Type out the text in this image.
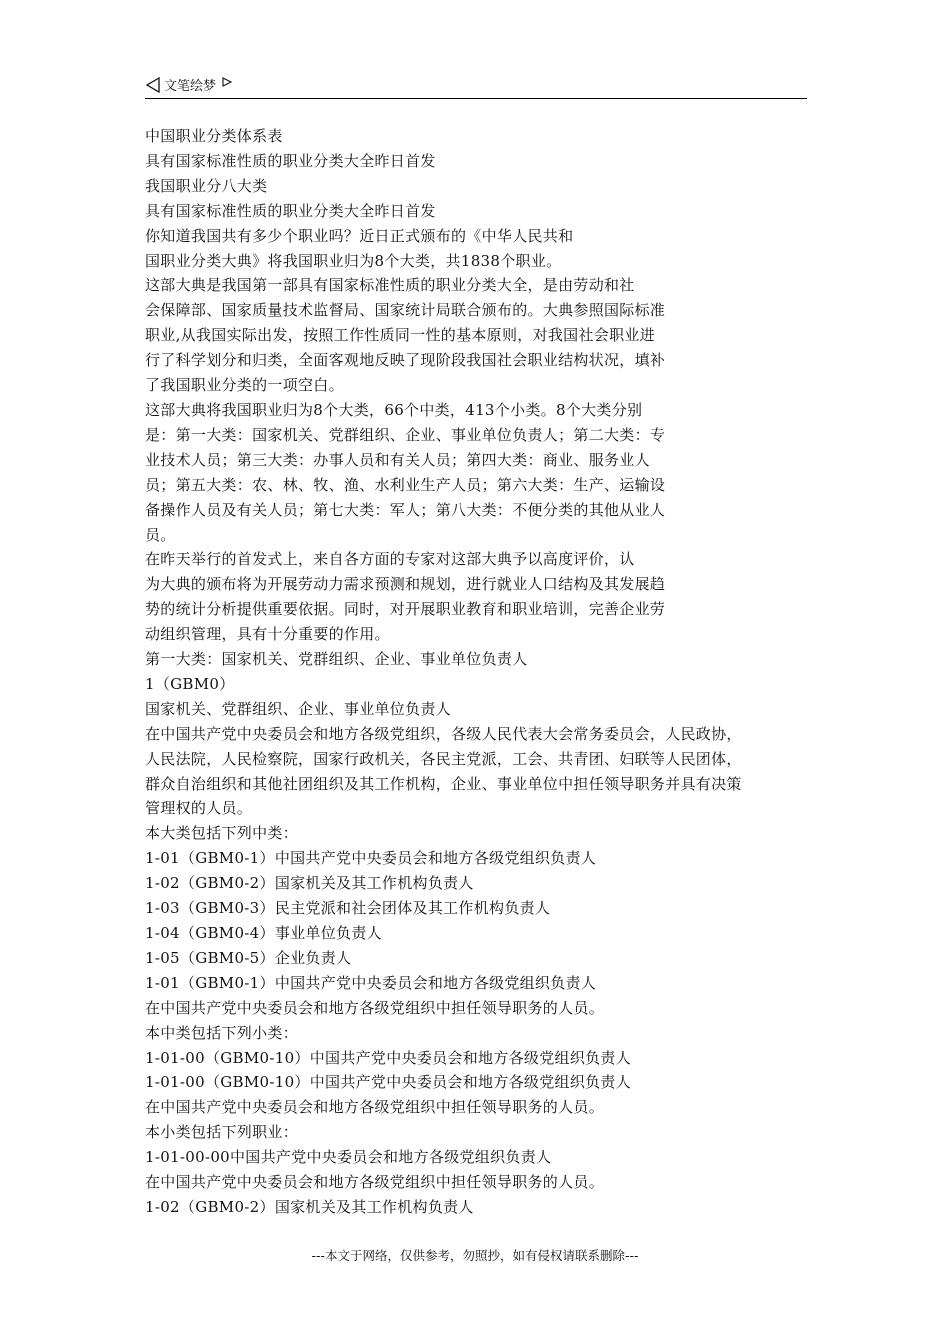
文笔绘梦
中国职业分类体系表
具有国家标准性质的职业分类大全昨日首发
我国职业分八大类
具有国家标准性质的职业分类大全昨日首发
你知道我国共有多少个职业吗？近日正式颁布的《中华人民共和
国职业分类大典》将我国职业归为8个大类，共1838个职业。
这部大典是我国第一部具有国家标准性质的职业分类大全，是由劳动和社
会保障部、国家质量技术监督局、国家统计局联合颁布的。大典参照国际标准
职业,从我国实际出发，按照工作性质同一性的基本原则，对我国社会职业进
行了科学划分和归类，全面客观地反映了现阶段我国社会职业结构状况，填补
了我国职业分类的一项空白。
这部大典将我国职业归为8个大类，66个中类，413个小类。8个大类分别
是：第一大类：国家机关、党群组织、企业、事业单位负责人；第二大类：专
业技术人员；第三大类：办事人员和有关人员；第四大类：商业、服务业人
员；第五大类：农、林、牧、渔、水利业生产人员；第六大类：生产、运输设
备操作人员及有关人员；第七大类：军人；第八大类：不便分类的其他从业人
员。
在昨天举行的首发式上，来自各方面的专家对这部大典予以高度评价，认
为大典的颁布将为开展劳动力需求预测和规划，进行就业人口结构及其发展趋
势的统计分析提供重要依据。同时，对开展职业教育和职业培训，完善企业劳
动组织管理，具有十分重要的作用。
第一大类：国家机关、党群组织、企业、事业单位负责人
1（GBM0）
国家机关、党群组织、企业、事业单位负责人
在中国共产党中央委员会和地方各级党组织，各级人民代表大会常务委员会，人民政协，
人民法院，人民检察院，国家行政机关，各民主党派，工会、共青团、妇联等人民团体，
群众自治组织和其他社团组织及其工作机构，企业、事业单位中担任领导职务并具有决策
管理权的人员。
本大类包括下列中类：
1-01（GBM0-1）中国共产党中央委员会和地方各级党组织负责人
1-02（GBM0-2）国家机关及其工作机构负责人
1-03（GBM0-3）民主党派和社会团体及其工作机构负责人
1-04（GBM0-4）事业单位负责人
1-05（GBM0-5）企业负责人
1-01（GBM0-1）中国共产党中央委员会和地方各级党组织负责人
在中国共产党中央委员会和地方各级党组织中担任领导职务的人员。
本中类包括下列小类：
1-01-00（GBM0-10）中国共产党中央委员会和地方各级党组织负责人
1-01-00（GBM0-10）中国共产党中央委员会和地方各级党组织负责人
在中国共产党中央委员会和地方各级党组织中担任领导职务的人员。
本小类包括下列职业：
1-01-00-00中国共产党中央委员会和地方各级党组织负责人
在中国共产党中央委员会和地方各级党组织中担任领导职务的人员。
1-02（GBM0-2）国家机关及其工作机构负责人
---本文于网络，仅供参考，勿照抄，如有侵权请联系删除---
